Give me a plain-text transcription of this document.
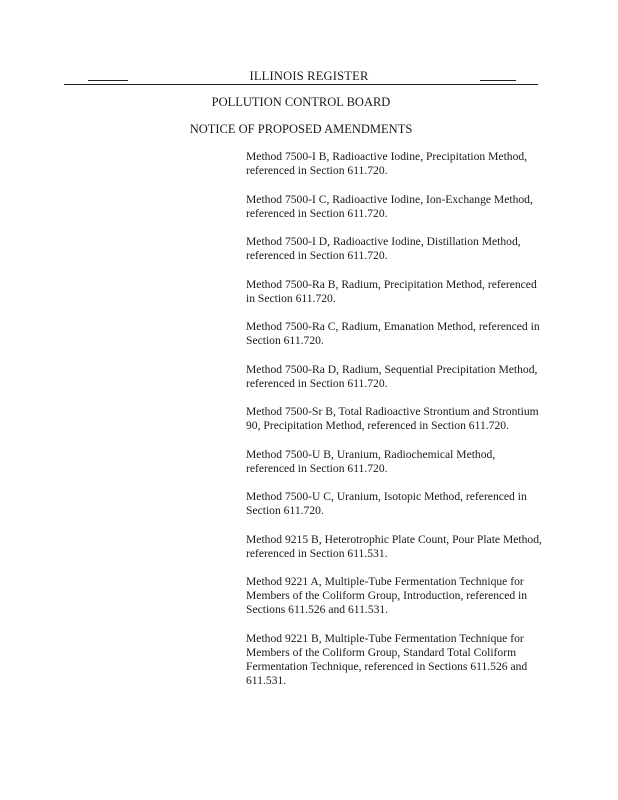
ILLINOIS REGISTER
POLLUTION CONTROL BOARD
NOTICE OF PROPOSED AMENDMENTS
Method 7500-I B, Radioactive Iodine, Precipitation Method, referenced in Section 611.720.
Method 7500-I C, Radioactive Iodine, Ion-Exchange Method, referenced in Section 611.720.
Method 7500-I D, Radioactive Iodine, Distillation Method, referenced in Section 611.720.
Method 7500-Ra B, Radium, Precipitation Method, referenced in Section 611.720.
Method 7500-Ra C, Radium, Emanation Method, referenced in Section 611.720.
Method 7500-Ra D, Radium, Sequential Precipitation Method, referenced in Section 611.720.
Method 7500-Sr B, Total Radioactive Strontium and Strontium 90, Precipitation Method, referenced in Section 611.720.
Method 7500-U B, Uranium, Radiochemical Method, referenced in Section 611.720.
Method 7500-U C, Uranium, Isotopic Method, referenced in Section 611.720.
Method 9215 B, Heterotrophic Plate Count, Pour Plate Method, referenced in Section 611.531.
Method 9221 A, Multiple-Tube Fermentation Technique for Members of the Coliform Group, Introduction, referenced in Sections 611.526 and 611.531.
Method 9221 B, Multiple-Tube Fermentation Technique for Members of the Coliform Group, Standard Total Coliform Fermentation Technique, referenced in Sections 611.526 and 611.531.
